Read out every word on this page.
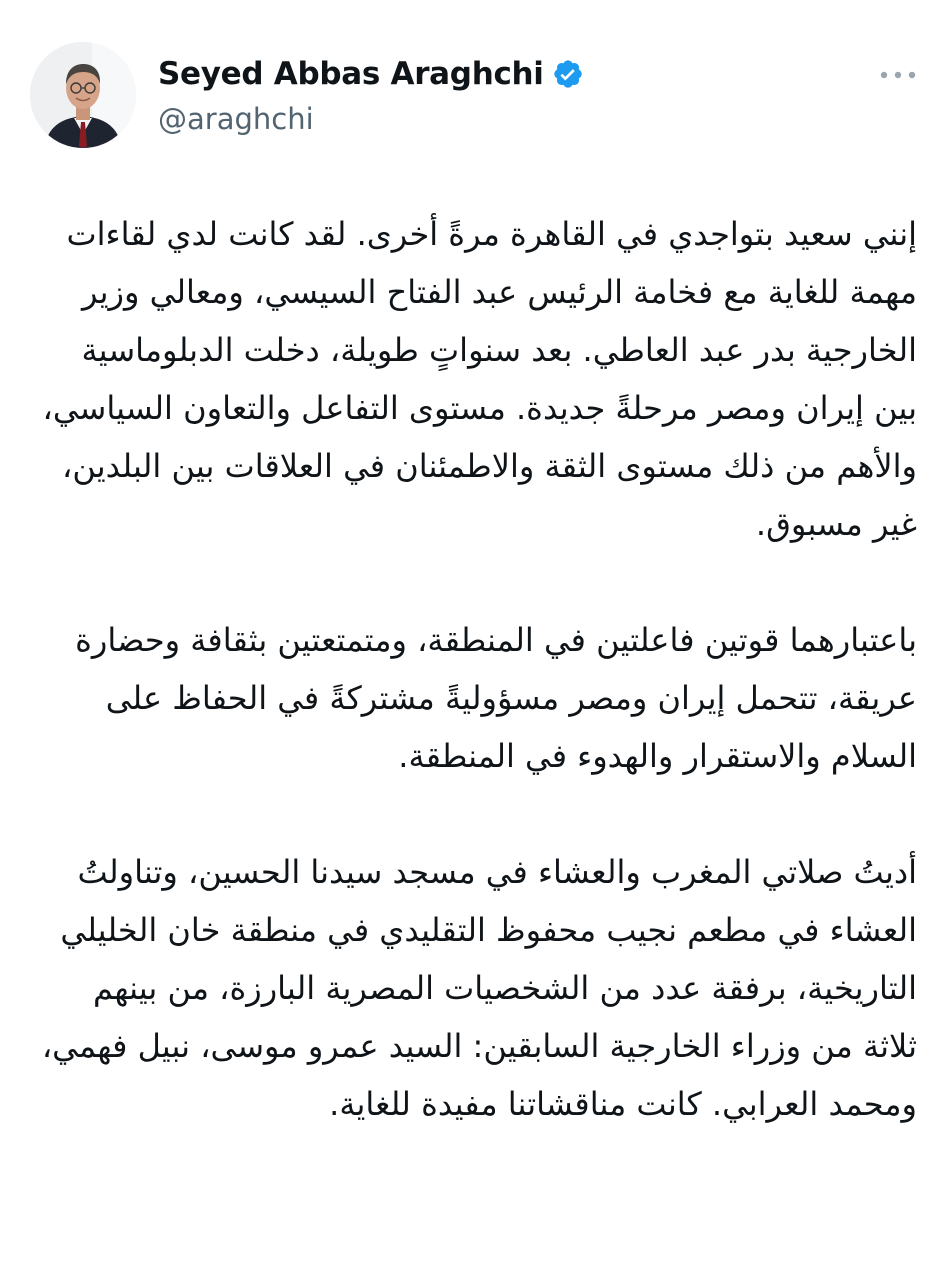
Seyed Abbas Araghchi
@araghchi

إنني سعيد بتواجدي في القاهرة مرةً أخرى. لقد كانت لدي لقاءات مهمة للغاية مع فخامة الرئيس عبد الفتاح السيسي، ومعالي وزير الخارجية بدر عبد العاطي. بعد سنواتٍ طويلة، دخلت الدبلوماسية بين إيران ومصر مرحلةً جديدة. مستوى التفاعل والتعاون السياسي، والأهم من ذلك مستوى الثقة والاطمئنان في العلاقات بين البلدين، غير مسبوق.

باعتبارهما قوتين فاعلتين في المنطقة، ومتمتعتين بثقافة وحضارة عريقة، تتحمل إيران ومصر مسؤوليةً مشتركةً في الحفاظ على السلام والاستقرار والهدوء في المنطقة.

أديتُ صلاتي المغرب والعشاء في مسجد سيدنا الحسين، وتناولتُ العشاء في مطعم نجيب محفوظ التقليدي في منطقة خان الخليلي التاريخية، برفقة عدد من الشخصيات المصرية البارزة، من بينهم ثلاثة من وزراء الخارجية السابقين: السيد عمرو موسى، نبيل فهمي، ومحمد العرابي. كانت مناقشاتنا مفيدة للغاية.
